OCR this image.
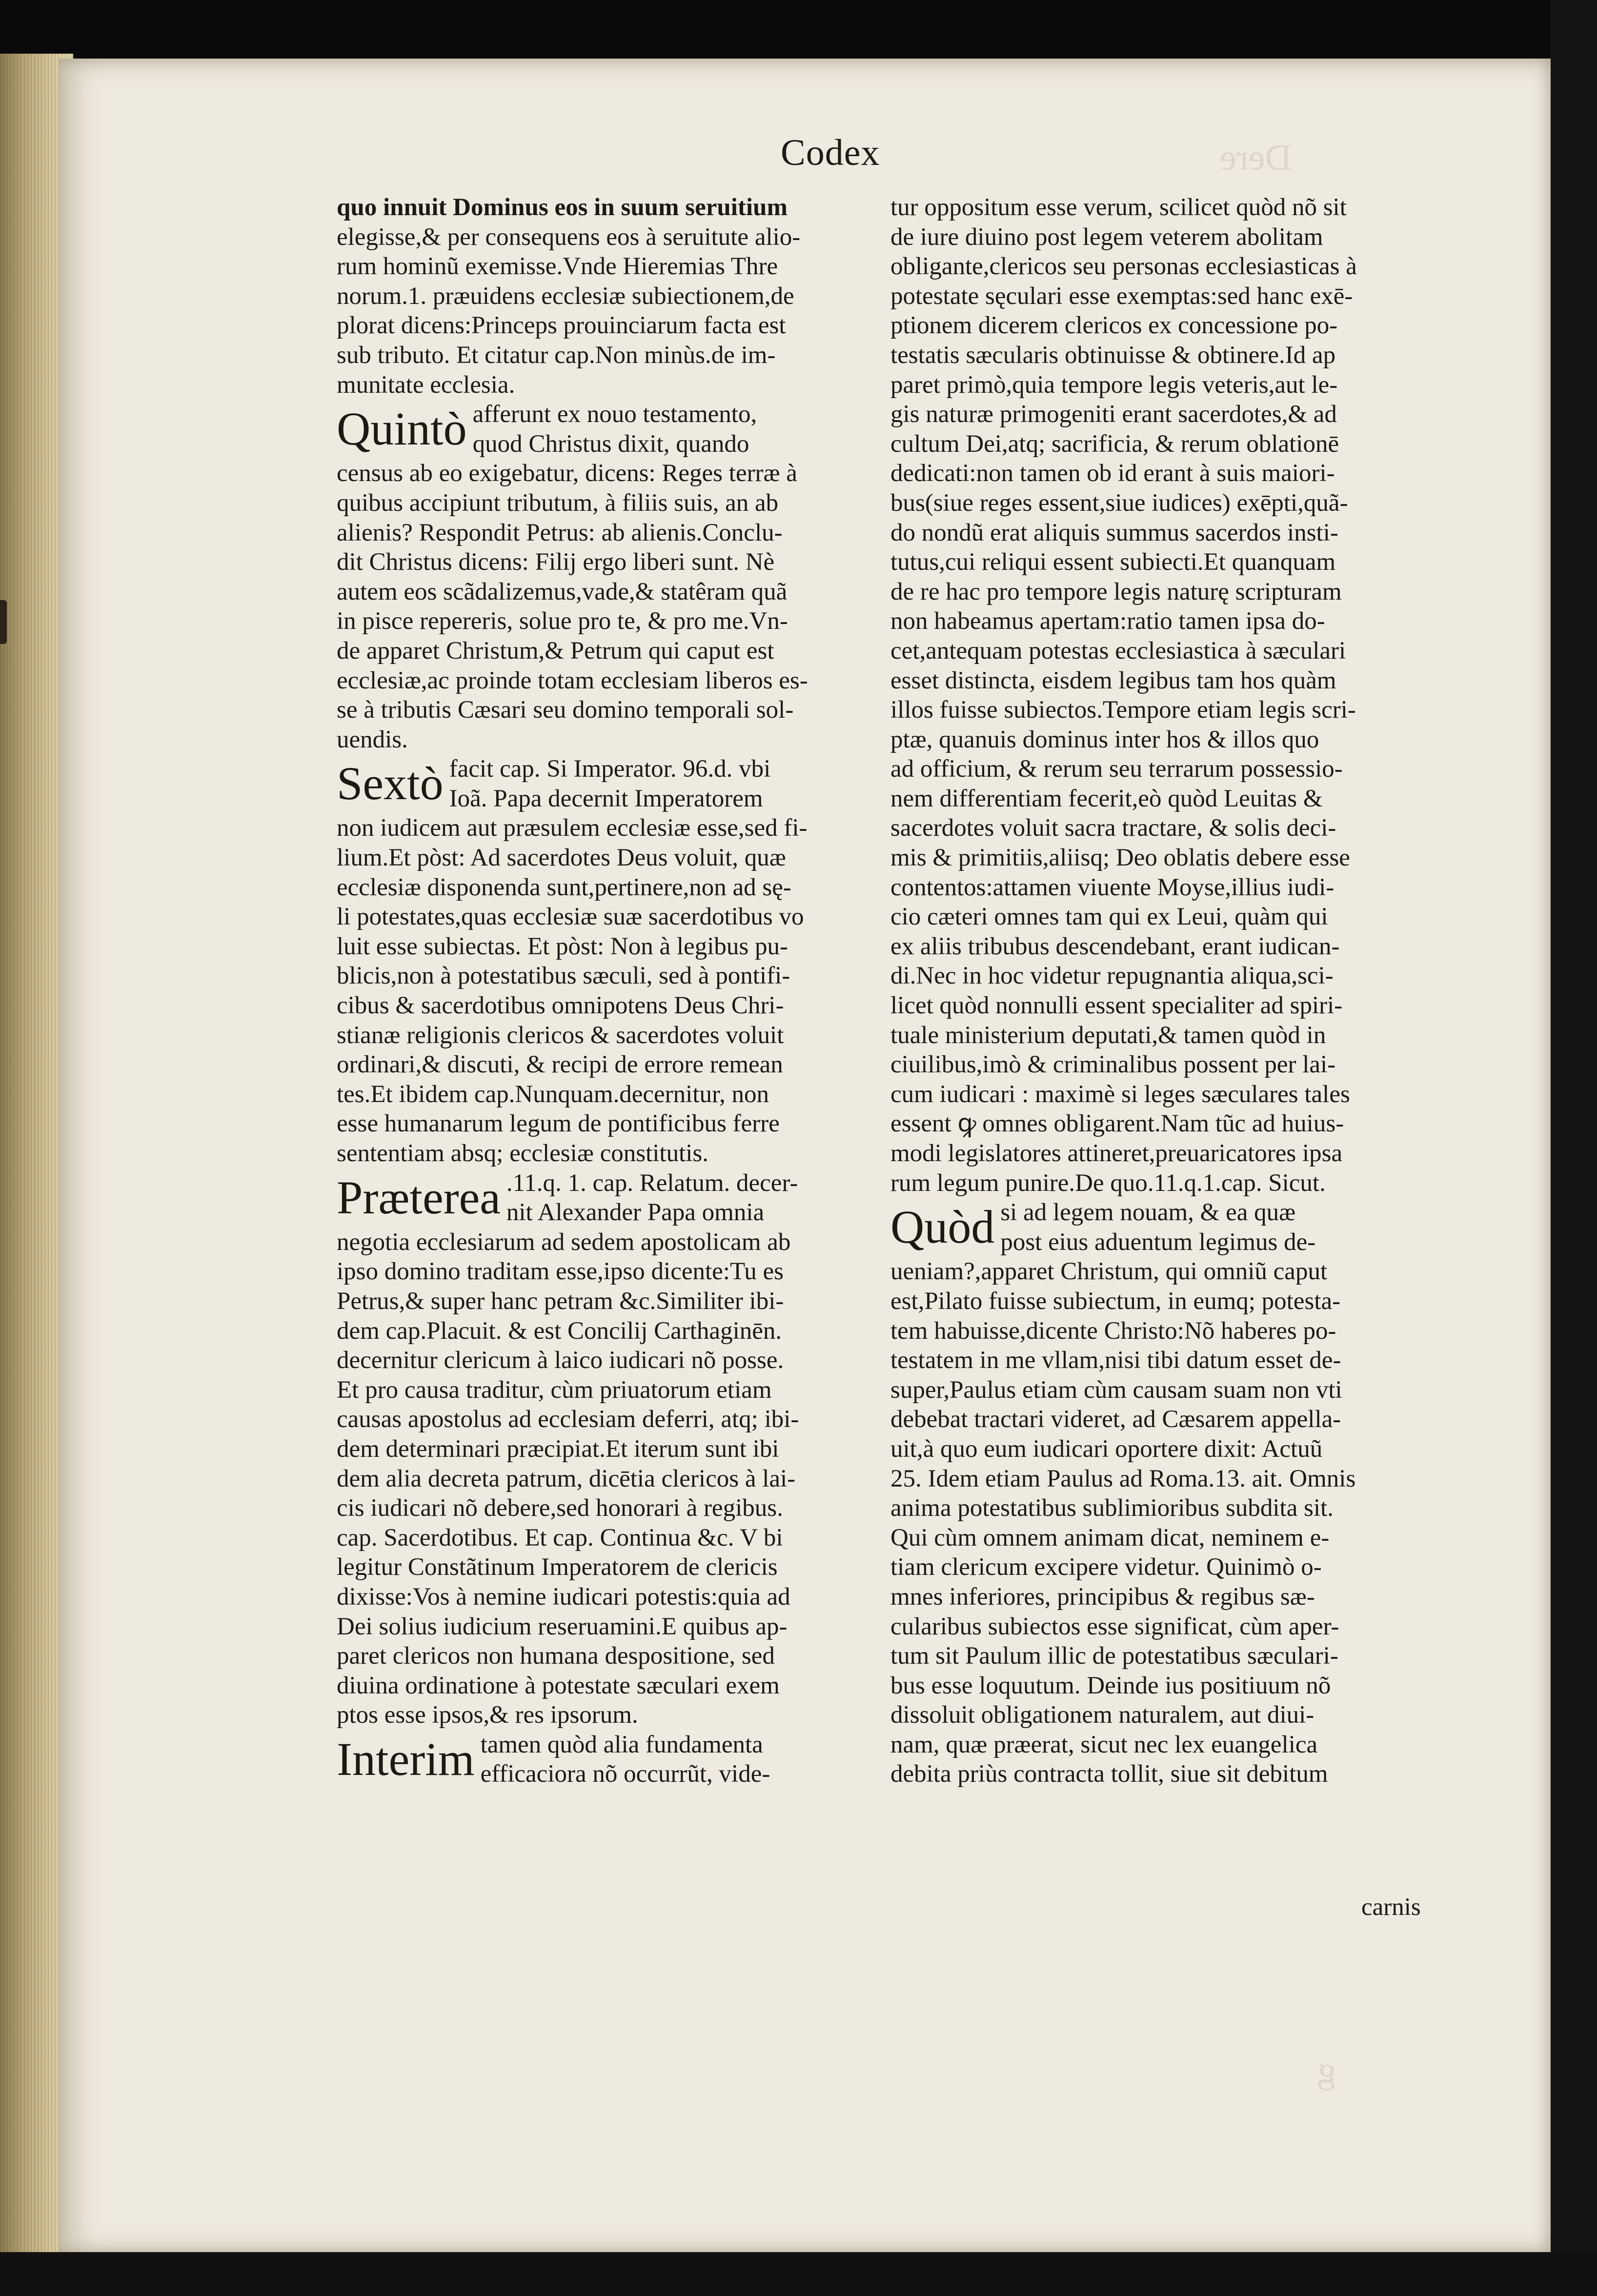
Dere
g
Codex
quo innuit Dominus eos in suum seruitium
elegisse,& per consequens eos à seruitute alio-
rum hominũ exemisse.Vnde Hieremias Thre
norum.1. præuidens ecclesiæ subiectionem,de
plorat dicens:Princeps prouinciarum facta est
sub tributo. Et citatur cap.Non minùs.de im-
munitate ecclesia.
Quintò afferunt ex nouo testamento,
quod Christus dixit, quando
census ab eo exigebatur, dicens: Reges terræ à
quibus accipiunt tributum, à filiis suis, an ab
alienis? Respondit Petrus: ab alienis.Conclu-
dit Christus dicens: Filij ergo liberi sunt. Nè
autem eos scãdalizemus,vade,& statêram quã
in pisce repereris, solue pro te, & pro me.Vn-
de apparet Christum,& Petrum qui caput est
ecclesiæ,ac proinde totam ecclesiam liberos es-
se à tributis Cæsari seu domino temporali sol-
uendis.
Sextò facit cap. Si Imperator. 96.d. vbi
Ioã. Papa decernit Imperatorem
non iudicem aut præsulem ecclesiæ esse,sed fi-
lium.Et pòst: Ad sacerdotes Deus voluit, quæ
ecclesiæ disponenda sunt,pertinere,non ad sę-
li potestates,quas ecclesiæ suæ sacerdotibus vo
luit esse subiectas. Et pòst: Non à legibus pu-
blicis,non à potestatibus sæculi, sed à pontifi-
cibus & sacerdotibus omnipotens Deus Chri-
stianæ religionis clericos & sacerdotes voluit
ordinari,& discuti, & recipi de errore remean
tes.Et ibidem cap.Nunquam.decernitur, non
esse humanarum legum de pontificibus ferre
sententiam absq; ecclesiæ constitutis.
Præterea .11.q. 1. cap. Relatum. decer-
nit Alexander Papa omnia
negotia ecclesiarum ad sedem apostolicam ab
ipso domino traditam esse,ipso dicente:Tu es
Petrus,& super hanc petram &c.Similiter ibi-
dem cap.Placuit. & est Concilij Carthaginēn.
decernitur clericum à laico iudicari nõ posse.
Et pro causa traditur, cùm priuatorum etiam
causas apostolus ad ecclesiam deferri, atq; ibi-
dem determinari præcipiat.Et iterum sunt ibi
dem alia decreta patrum, dicētia clericos à lai-
cis iudicari nõ debere,sed honorari à regibus.
cap. Sacerdotibus. Et cap. Continua &c. V bi
legitur Constãtinum Imperatorem de clericis
dixisse:Vos à nemine iudicari potestis:quia ad
Dei solius iudicium reseruamini.E quibus ap-
paret clericos non humana despositione, sed
diuina ordinatione à potestate sæculari exem
ptos esse ipsos,& res ipsorum.
Interim tamen quòd alia fundamenta
efficaciora nõ occurrũt, vide-
tur oppositum esse verum, scilicet quòd nõ sit
de iure diuino post legem veterem abolitam
obligante,clericos seu personas ecclesiasticas à
potestate sęculari esse exemptas:sed hanc exē-
ptionem dicerem clericos ex concessione po-
testatis sæcularis obtinuisse & obtinere.Id ap
paret primò,quia tempore legis veteris,aut le-
gis naturæ primogeniti erant sacerdotes,& ad
cultum Dei,atq; sacrificia, & rerum oblationē
dedicati:non tamen ob id erant à suis maiori-
bus(siue reges essent,siue iudices) exēpti,quã-
do nondũ erat aliquis summus sacerdos insti-
tutus,cui reliqui essent subiecti.Et quanquam
de re hac pro tempore legis naturę scripturam
non habeamus apertam:ratio tamen ipsa do-
cet,antequam potestas ecclesiastica à sæculari
esset distincta, eisdem legibus tam hos quàm
illos fuisse subiectos.Tempore etiam legis scri-
ptæ, quanuis dominus inter hos & illos quo
ad officium, & rerum seu terrarum possessio-
nem differentiam fecerit,eò quòd Leuitas &
sacerdotes voluit sacra tractare, & solis deci-
mis & primitiis,aliisq; Deo oblatis debere esse
contentos:attamen viuente Moyse,illius iudi-
cio cæteri omnes tam qui ex Leui, quàm qui
ex aliis tribubus descendebant, erant iudican-
di.Nec in hoc videtur repugnantia aliqua,sci-
licet quòd nonnulli essent specialiter ad spiri-
tuale ministerium deputati,& tamen quòd in
ciuilibus,imò & criminalibus possent per lai-
cum iudicari : maximè si leges sæculares tales
essent ꝙ omnes obligarent.Nam tũc ad huius-
modi legislatores attineret,preuaricatores ipsa
rum legum punire.De quo.11.q.1.cap. Sicut.
Quòd si ad legem nouam, & ea quæ
post eius aduentum legimus de-
ueniam?,apparet Christum, qui omniũ caput
est,Pilato fuisse subiectum, in eumq; potesta-
tem habuisse,dicente Christo:Nõ haberes po-
testatem in me vllam,nisi tibi datum esset de-
super,Paulus etiam cùm causam suam non vti
debebat tractari videret, ad Cæsarem appella-
uit,à quo eum iudicari oportere dixit: Actuũ
25. Idem etiam Paulus ad Roma.13. ait. Omnis
anima potestatibus sublimioribus subdita sit.
Qui cùm omnem animam dicat, neminem e-
tiam clericum excipere videtur. Quinimò o-
mnes inferiores, principibus & regibus sæ-
cularibus subiectos esse significat, cùm aper-
tum sit Paulum illic de potestatibus sæculari-
bus esse loquutum. Deinde ius positiuum nõ
dissoluit obligationem naturalem, aut diui-
nam, quæ præerat, sicut nec lex euangelica
debita priùs contracta tollit, siue sit debitum
carnis
